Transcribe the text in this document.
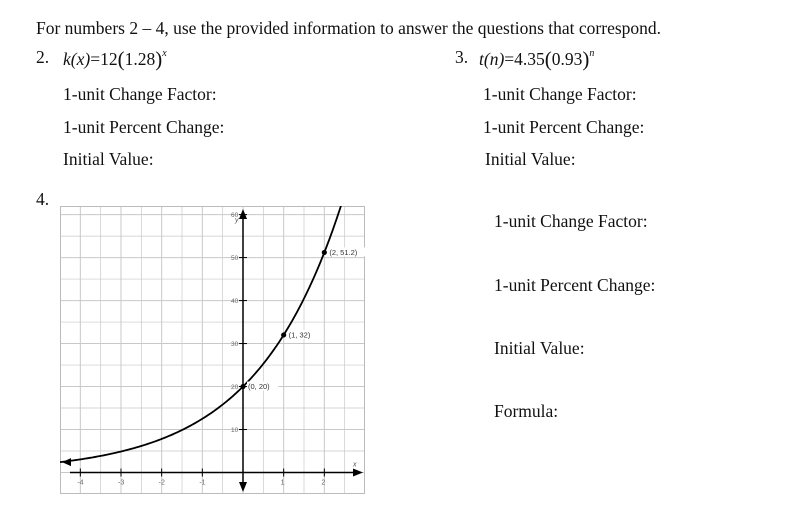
For numbers 2 – 4, use the provided information to answer the questions that correspond.
2. $k(x)=12(1.28)^x$
1-unit Change Factor:
1-unit Percent Change:
Initial Value:
3. $t(n)=4.35(0.93)^n$
1-unit Change Factor:
1-unit Percent Change:
Initial Value:
4.
1-unit Change Factor:
1-unit Percent Change:
Initial Value:
Formula:
y
x
-4	-3	-2	-1	1	2
10
20
30
40
50
60
(0, 20)
(1, 32)
(2, 51.2)
